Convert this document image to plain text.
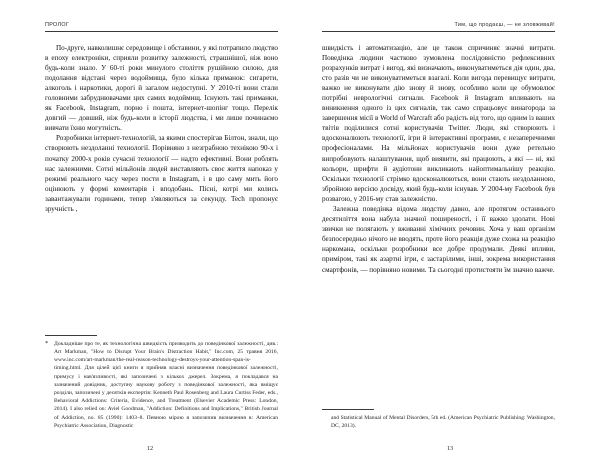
ПРОЛОГ

По-друге, навколишнє середовище і обставини, у які потрапило людство в епоху електроніки, сприяли розвитку залежності, страшнішої, ніж воно будь-коли знало. У 60-ті роки минулого століття рушійною силою, для подолання відстані через водоймища, було кілька приманок: сигарети, алкоголь і наркотики, дорогі й загалом недоступні. У 2010-ті вони стали головними забруднювачами цих самих водоймищ. Існують такі приманки, як Facebook, Instagram, порно і пошта, інтернет-шопінг тощо. Перелік довгий — довший, ніж будь-коли в історії людства, і ми лише починаємо вивчати їхню могутність.

Розробники інтернет-технологій, за якими спостерігав Білтон, знали, що створюють нездоланні технології. Порівняно з незграбною технікою 90-х і початку 2000-х років сучасні технології — надто ефективні. Вони роблять нас залежними. Сотні мільйонів людей виставляють своє життя напоказ у режимі реального часу через пости в Instagram, і в цю саму мить його оцінюють у формі коментарів і вподобань. Пісні, котрі ми колись завантажували годинами, тепер з'являються за секунду. Tech пропонує зручність ,

*	Докладніше про те, як технологічна швидкість призводить до поведінкової залежності, див.: Art Markman, "How to Disrupt Your Brain's Distraction Habit," Inc.com, 25 травня 2016, www.inc.com/art-markman/the-real-reason-technology-destroys-your-attention-span-is-timing.html. Для цілей цієї книги я прийняв власні визначення поведінкової залежності, примусу і нав'язливості, які запозичені з кількох джерел. Зокрема, я покладався на зазначений довідник, доступну наукову роботу з поведінкової залежності, яка вміщує розділи, запозичені у десятків експертів: Kenneth Paul Rosenberg and Laura Curtiss Feder, eds., Behavioral Addictions: Criteria, Evidence, and Treatment (Elsevier Academic Press: London, 2014). I also relied on: Aviel Goodman, "Addiction: Definitions and Implications," British Journal of Addiction, no. 85 (1990): 1403–8. Певною мірою я запозичив визначення в: American Psychiatric Association, Diagnostic
12
Тим, що продаєш, — не зловживай!

швидкість і автоматизацію, але це також спричиняє значні витрати. Поведінка людини частково зумовлена послідовністю рефлексивних розрахунків витрат і вигод, які визначають, виконуватиметься дія один, два, сто разів чи не виконуватиметься взагалі. Коли вигода перевищує витрати, важко не виконувати дію знову й знову, особливо коли це обумовлює потрібні неврологічні сигнали. Facebook й Instagram впливають на виникнення одного із цих сигналів, так само спрацьовує винагорода за завершення місії в World of Warcraft або радість від того, що одним із ваших твітів поділилися сотні користувачів Twitter. Люди, які створюють і вдосконалюють технології, ігри й інтерактивні програми, є незаперечними професіоналами. На мільйонах користувачів вони дуже ретельно випробовують налаштування, щоб виявити, які працюють, а які — ні, які кольори, шрифти й аудіотони викликають найоптимальнішу реакцію. Оскільки технології стрімко вдосконалюються, вони стають нездоланною, збройною версією досвіду, який будь-коли існував. У 2004-му Facebook був розвагою, у 2016-му став залежністю.

Залежна поведінка відома людству давно, але протягом останнього десятиліття вона набула значної поширеності, і її важко здолати. Нові звички не полягають у вживанні хімічних речовин. Хоча у ваш організм безпосередньо нічого не вводять, проте його реакція дуже схожа на реакцію наркомана, оскільки розробники все добре продумали. Деякі впливи, приміром, такі як азартні ігри, є застарілими, інші, зокрема використання смартфонів, — порівняно новими. Та сьогодні протистояти їм значно важче.

and Statistical Manual of Mental Disorders, 5th ed. (American Psychiatric Publishing: Washington, DC, 2013).
13
